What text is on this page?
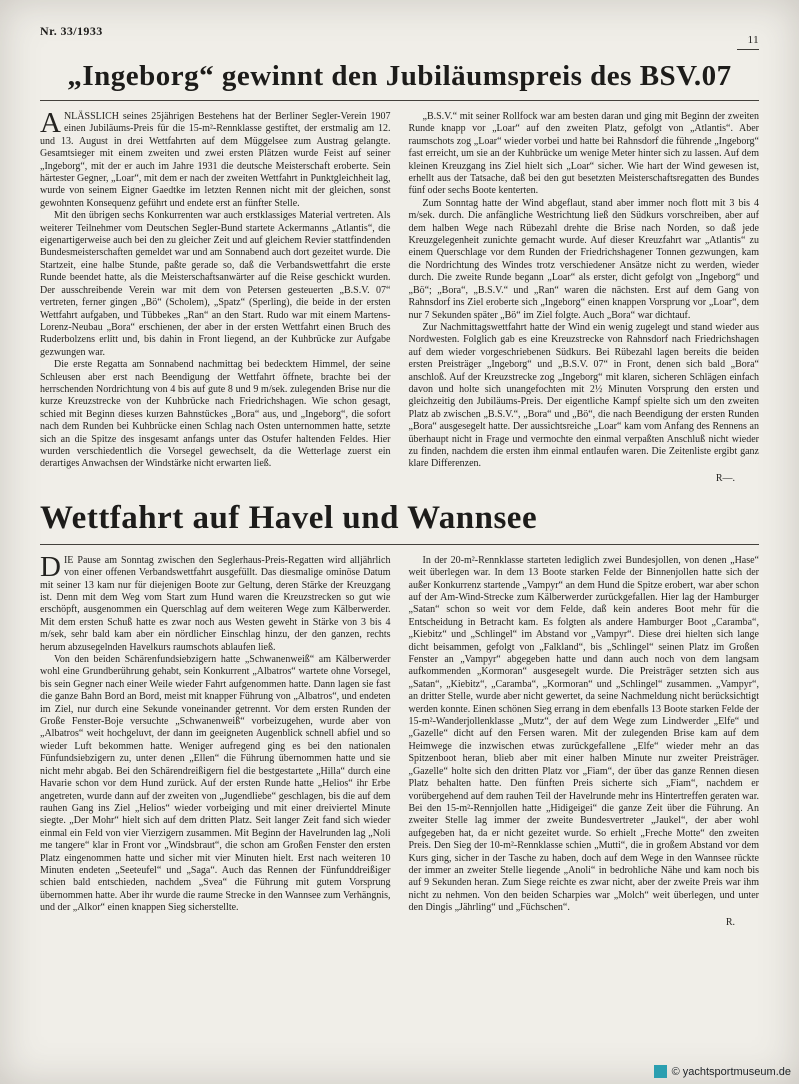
Nr. 33/1933
11
„Ingeborg“ gewinnt den Jubiläumspreis des BSV.07

ANLÄSSLICH seines 25jährigen Bestehens hat der Berliner Segler-Verein 1907 einen Jubiläums-Preis für die 15-m²-Rennklasse gestiftet, der erstmalig am 12. und 13. August in drei Wettfahrten auf dem Müggelsee zum Austrag gelangte. Gesamtsieger mit einem zweiten und zwei ersten Plätzen wurde Feist auf seiner „Ingeborg“, mit der er auch im Jahre 1931 die deutsche Meisterschaft eroberte. Sein härtester Gegner, „Loar“, mit dem er nach der zweiten Wettfahrt in Punktgleichheit lag, wurde von seinem Eigner Gaedtke im letzten Rennen nicht mit der gleichen, sonst gewohnten Konsequenz geführt und endete erst an fünfter Stelle.

Mit den übrigen sechs Konkurrenten war auch erstklassiges Material vertreten. Als weiterer Teilnehmer vom Deutschen Segler-Bund startete Ackermanns „Atlantis“, die eigenartigerweise auch bei den zu gleicher Zeit und auf gleichem Revier stattfindenden Bundesmeisterschaften gemeldet war und am Sonnabend auch dort gezeitet wurde. Die Startzeit, eine halbe Stunde, paßte gerade so, daß die Verbandswettfahrt die erste Runde beendet hatte, als die Meisterschaftsanwärter auf die Reise geschickt wurden. Der ausschreibende Verein war mit dem von Petersen gesteuerten „B.S.V. 07“ vertreten, ferner gingen „Bö“ (Scholem), „Spatz“ (Sperling), die beide in der ersten Wettfahrt aufgaben, und Tübbekes „Ran“ an den Start. Rudo war mit einem Martens-Lorenz-Neubau „Bora“ erschienen, der aber in der ersten Wettfahrt einen Bruch des Ruderbolzens erlitt und, bis dahin in Front liegend, an der Kuhbrücke zur Aufgabe gezwungen war.

Die erste Regatta am Sonnabend nachmittag bei bedecktem Himmel, der seine Schleusen aber erst nach Beendigung der Wettfahrt öffnete, brachte bei der herrschenden Nordrichtung von 4 bis auf gute 8 und 9 m/sek. zulegenden Brise nur die kurze Kreuzstrecke von der Kuhbrücke nach Friedrichshagen. Wie schon gesagt, schied mit Beginn dieses kurzen Bahnstückes „Bora“ aus, und „Ingeborg“, die sofort nach dem Runden bei Kuhbrücke einen Schlag nach Osten unternommen hatte, setzte sich an die Spitze des insgesamt anfangs unter das Ostufer haltenden Feldes. Hier wurden verschiedentlich die Vorsegel gewechselt, da die Wetterlage zuerst ein derartiges Anwachsen der Windstärke nicht erwarten ließ.

„B.S.V.“ mit seiner Rollfock war am besten daran und ging mit Beginn der zweiten Runde knapp vor „Loar“ auf den zweiten Platz, gefolgt von „Atlantis“. Aber raumschots zog „Loar“ wieder vorbei und hatte bei Rahnsdorf die führende „Ingeborg“ fast erreicht, um sie an der Kuhbrücke um wenige Meter hinter sich zu lassen. Auf dem kleinen Kreuzgang ins Ziel hielt sich „Loar“ sicher. Wie hart der Wind gewesen ist, erhellt aus der Tatsache, daß bei den gut besetzten Meisterschaftsregatten des Bundes fünf oder sechs Boote kenterten.

Zum Sonntag hatte der Wind abgeflaut, stand aber immer noch flott mit 3 bis 4 m/sek. durch. Die anfängliche Westrichtung ließ den Südkurs vorschreiben, aber auf dem halben Wege nach Rübezahl drehte die Brise nach Norden, so daß jede Kreuzgelegenheit zunichte gemacht wurde. Auf dieser Kreuzfahrt war „Atlantis“ zu einem Querschlage vor dem Runden der Friedrichshagener Tonnen gezwungen, kam die Nordrichtung des Windes trotz verschiedener Ansätze nicht zu werden, wieder durch. Die zweite Runde begann „Loar“ als erster, dicht gefolgt von „Ingeborg“ und „Bö“; „Bora“, „B.S.V.“ und „Ran“ waren die nächsten. Erst auf dem Gang von Rahnsdorf ins Ziel eroberte sich „Ingeborg“ einen knappen Vorsprung vor „Loar“, dem nur 7 Sekunden später „Bö“ im Ziel folgte. Auch „Bora“ war dichtauf.

Zur Nachmittagswettfahrt hatte der Wind ein wenig zugelegt und stand wieder aus Nordwesten. Folglich gab es eine Kreuzstrecke von Rahnsdorf nach Friedrichshagen auf dem wieder vorgeschriebenen Südkurs. Bei Rübezahl lagen bereits die beiden ersten Preisträger „Ingeborg“ und „B.S.V. 07“ in Front, denen sich bald „Bora“ anschloß. Auf der Kreuzstrecke zog „Ingeborg“ mit klaren, sicheren Schlägen einfach davon und holte sich unangefochten mit 2½ Minuten Vorsprung den ersten und gleichzeitig den Jubiläums-Preis. Der eigentliche Kampf spielte sich um den zweiten Platz ab zwischen „B.S.V.“, „Bora“ und „Bö“, die nach Beendigung der ersten Runden „Bora“ ausgesegelt hatte. Der aussichtsreiche „Loar“ kam vom Anfang des Rennens an überhaupt nicht in Frage und vermochte den einmal verpaßten Anschluß nicht wieder zu finden, nachdem die ersten ihm einmal entlaufen waren. Die Zeitenliste ergibt ganz klare Differenzen.

R—.
Wettfahrt auf Havel und Wannsee

DIE Pause am Sonntag zwischen den Seglerhaus-Preis-Regatten wird alljährlich von einer offenen Verbandswettfahrt ausgefüllt. Das diesmalige ominöse Datum mit seiner 13 kam nur für diejenigen Boote zur Geltung, deren Stärke der Kreuzgang ist. Denn mit dem Weg vom Start zum Hund waren die Kreuzstrecken so gut wie erschöpft, ausgenommen ein Querschlag auf dem weiteren Wege zum Kälberwerder. Mit dem ersten Schuß hatte es zwar noch aus Westen geweht in Stärke von 3 bis 4 m/sek, sehr bald kam aber ein nördlicher Einschlag hinzu, der den ganzen, rechts herum abzusegelnden Havelkurs raumschots ablaufen ließ.

Von den beiden Schärenfundsiebzigern hatte „Schwanenweiß“ am Kälberwerder wohl eine Grundberührung gehabt, sein Konkurrent „Albatros“ wartete ohne Vorsegel, bis sein Gegner nach einer Weile wieder Fahrt aufgenommen hatte. Dann lagen sie fast die ganze Bahn Bord an Bord, meist mit knapper Führung von „Albatros“, und endeten im Ziel, nur durch eine Sekunde voneinander getrennt. Vor dem ersten Runden der Große Fenster-Boje versuchte „Schwanenweiß“ vorbeizugehen, wurde aber von „Albatros“ weit hochgeluvt, der dann im geeigneten Augenblick schnell abfiel und so wieder Luft bekommen hatte. Weniger aufregend ging es bei den nationalen Fünfundsiebzigern zu, unter denen „Ellen“ die Führung übernommen hatte und sie nicht mehr abgab. Bei den Schärendreißigern fiel die bestgestartete „Hilla“ durch eine Havarie schon vor dem Hund zurück. Auf der ersten Runde hatte „Helios“ ihr Erbe angetreten, wurde dann auf der zweiten von „Jugendliebe“ geschlagen, bis die auf dem rauhen Gang ins Ziel „Helios“ wieder vorbeiging und mit einer dreiviertel Minute siegte. „Der Mohr“ hielt sich auf dem dritten Platz. Seit langer Zeit fand sich wieder einmal ein Feld von vier Vierzigern zusammen. Mit Beginn der Havelrunden lag „Noli me tangere“ klar in Front vor „Windsbraut“, die schon am Großen Fenster den ersten Platz eingenommen hatte und sicher mit vier Minuten hielt. Erst nach weiteren 10 Minuten endeten „Seeteufel“ und „Saga“. Auch das Rennen der Fünfunddreißiger schien bald entschieden, nachdem „Svea“ die Führung mit gutem Vorsprung übernommen hatte. Aber ihr wurde die raume Strecke in den Wannsee zum Verhängnis, und der „Alkor“ einen knappen Sieg sicherstellte.

In der 20-m²-Rennklasse starteten lediglich zwei Bundesjollen, von denen „Hase“ weit überlegen war. In dem 13 Boote starken Felde der Binnenjollen hatte sich der außer Konkurrenz startende „Vampyr“ an dem Hund die Spitze erobert, war aber schon auf der Am-Wind-Strecke zum Kälberwerder zurückgefallen. Hier lag der Hamburger „Satan“ schon so weit vor dem Felde, daß kein anderes Boot mehr für die Entscheidung in Betracht kam. Es folgten als andere Hamburger Boot „Caramba“, „Kiebitz“ und „Schlingel“ im Abstand vor „Vampyr“. Diese drei hielten sich lange dicht beisammen, gefolgt von „Falkland“, bis „Schlingel“ seinen Platz im Großen Fenster an „Vampyr“ abgegeben hatte und dann auch noch von dem langsam aufkommenden „Kormoran“ ausgesegelt wurde. Die Preisträger setzten sich aus „Satan“, „Kiebitz“, „Caramba“, „Kormoran“ und „Schlingel“ zusammen. „Vampyr“, an dritter Stelle, wurde aber nicht gewertet, da seine Nachmeldung nicht berücksichtigt werden konnte. Einen schönen Sieg errang in dem ebenfalls 13 Boote starken Felde der 15-m²-Wanderjollenklasse „Mutz“, der auf dem Wege zum Lindwerder „Elfe“ und „Gazelle“ dicht auf den Fersen waren. Mit der zulegenden Brise kam auf dem Heimwege die inzwischen etwas zurückgefallene „Elfe“ wieder mehr an das Spitzenboot heran, blieb aber mit einer halben Minute nur zweiter Preisträger. „Gazelle“ holte sich den dritten Platz vor „Fiam“, der über das ganze Rennen diesen Platz behalten hatte. Den fünften Preis sicherte sich „Fiam“, nachdem er vorübergehend auf dem rauhen Teil der Havelrunde mehr ins Hintertreffen geraten war. Bei den 15-m²-Rennjollen hatte „Hidigeigei“ die ganze Zeit über die Führung. An zweiter Stelle lag immer der zweite Bundesvertreter „Jaukel“, der aber wohl aufgegeben hat, da er nicht gezeitet wurde. So erhielt „Freche Motte“ den zweiten Preis. Den Sieg der 10-m²-Rennklasse schien „Mutti“, die in großem Abstand vor dem Kurs ging, sicher in der Tasche zu haben, doch auf dem Wege in den Wannsee rückte der immer an zweiter Stelle liegende „Anoli“ in bedrohliche Nähe und kam noch bis auf 9 Sekunden heran. Zum Siege reichte es zwar nicht, aber der zweite Preis war ihm nicht zu nehmen. Von den beiden Scharpies war „Molch“ weit überlegen, und unter den Dingis „Jährling“ und „Füchschen“.

R.
© yachtsportmuseum.de
